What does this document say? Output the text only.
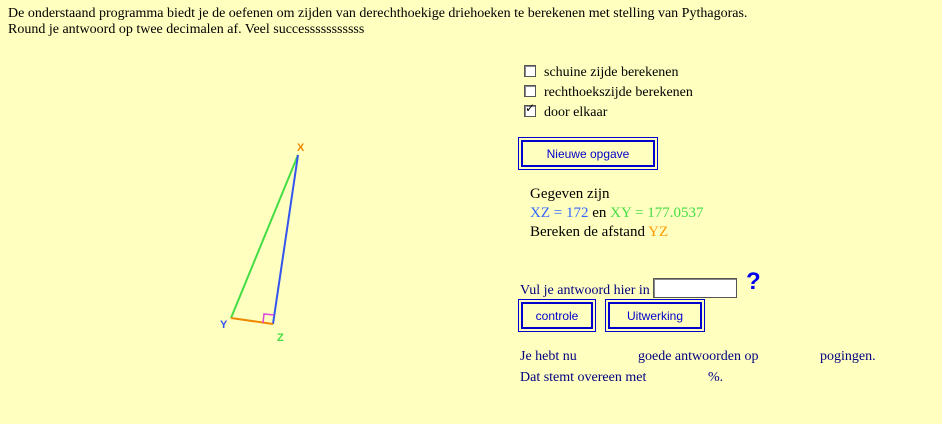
De onderstaand programma biedt je de oefenen om zijden van derechthoekige driehoeken te berekenen met stelling van Pythagoras.
Round je antwoord op twee decimalen af. Veel successsssssssss
X
Y
Z
schuine zijde berekenen
rechthoekszijde berekenen
✓ door elkaar
Nieuwe opgave
Gegeven zijn
XZ = 172 en XY = 177.0537
Bereken de afstand YZ
Vul je antwoord hier in	?
controle	Uitwerking
Je hebt nu	goede antwoorden op	pogingen.
Dat stemt overeen met	%.
